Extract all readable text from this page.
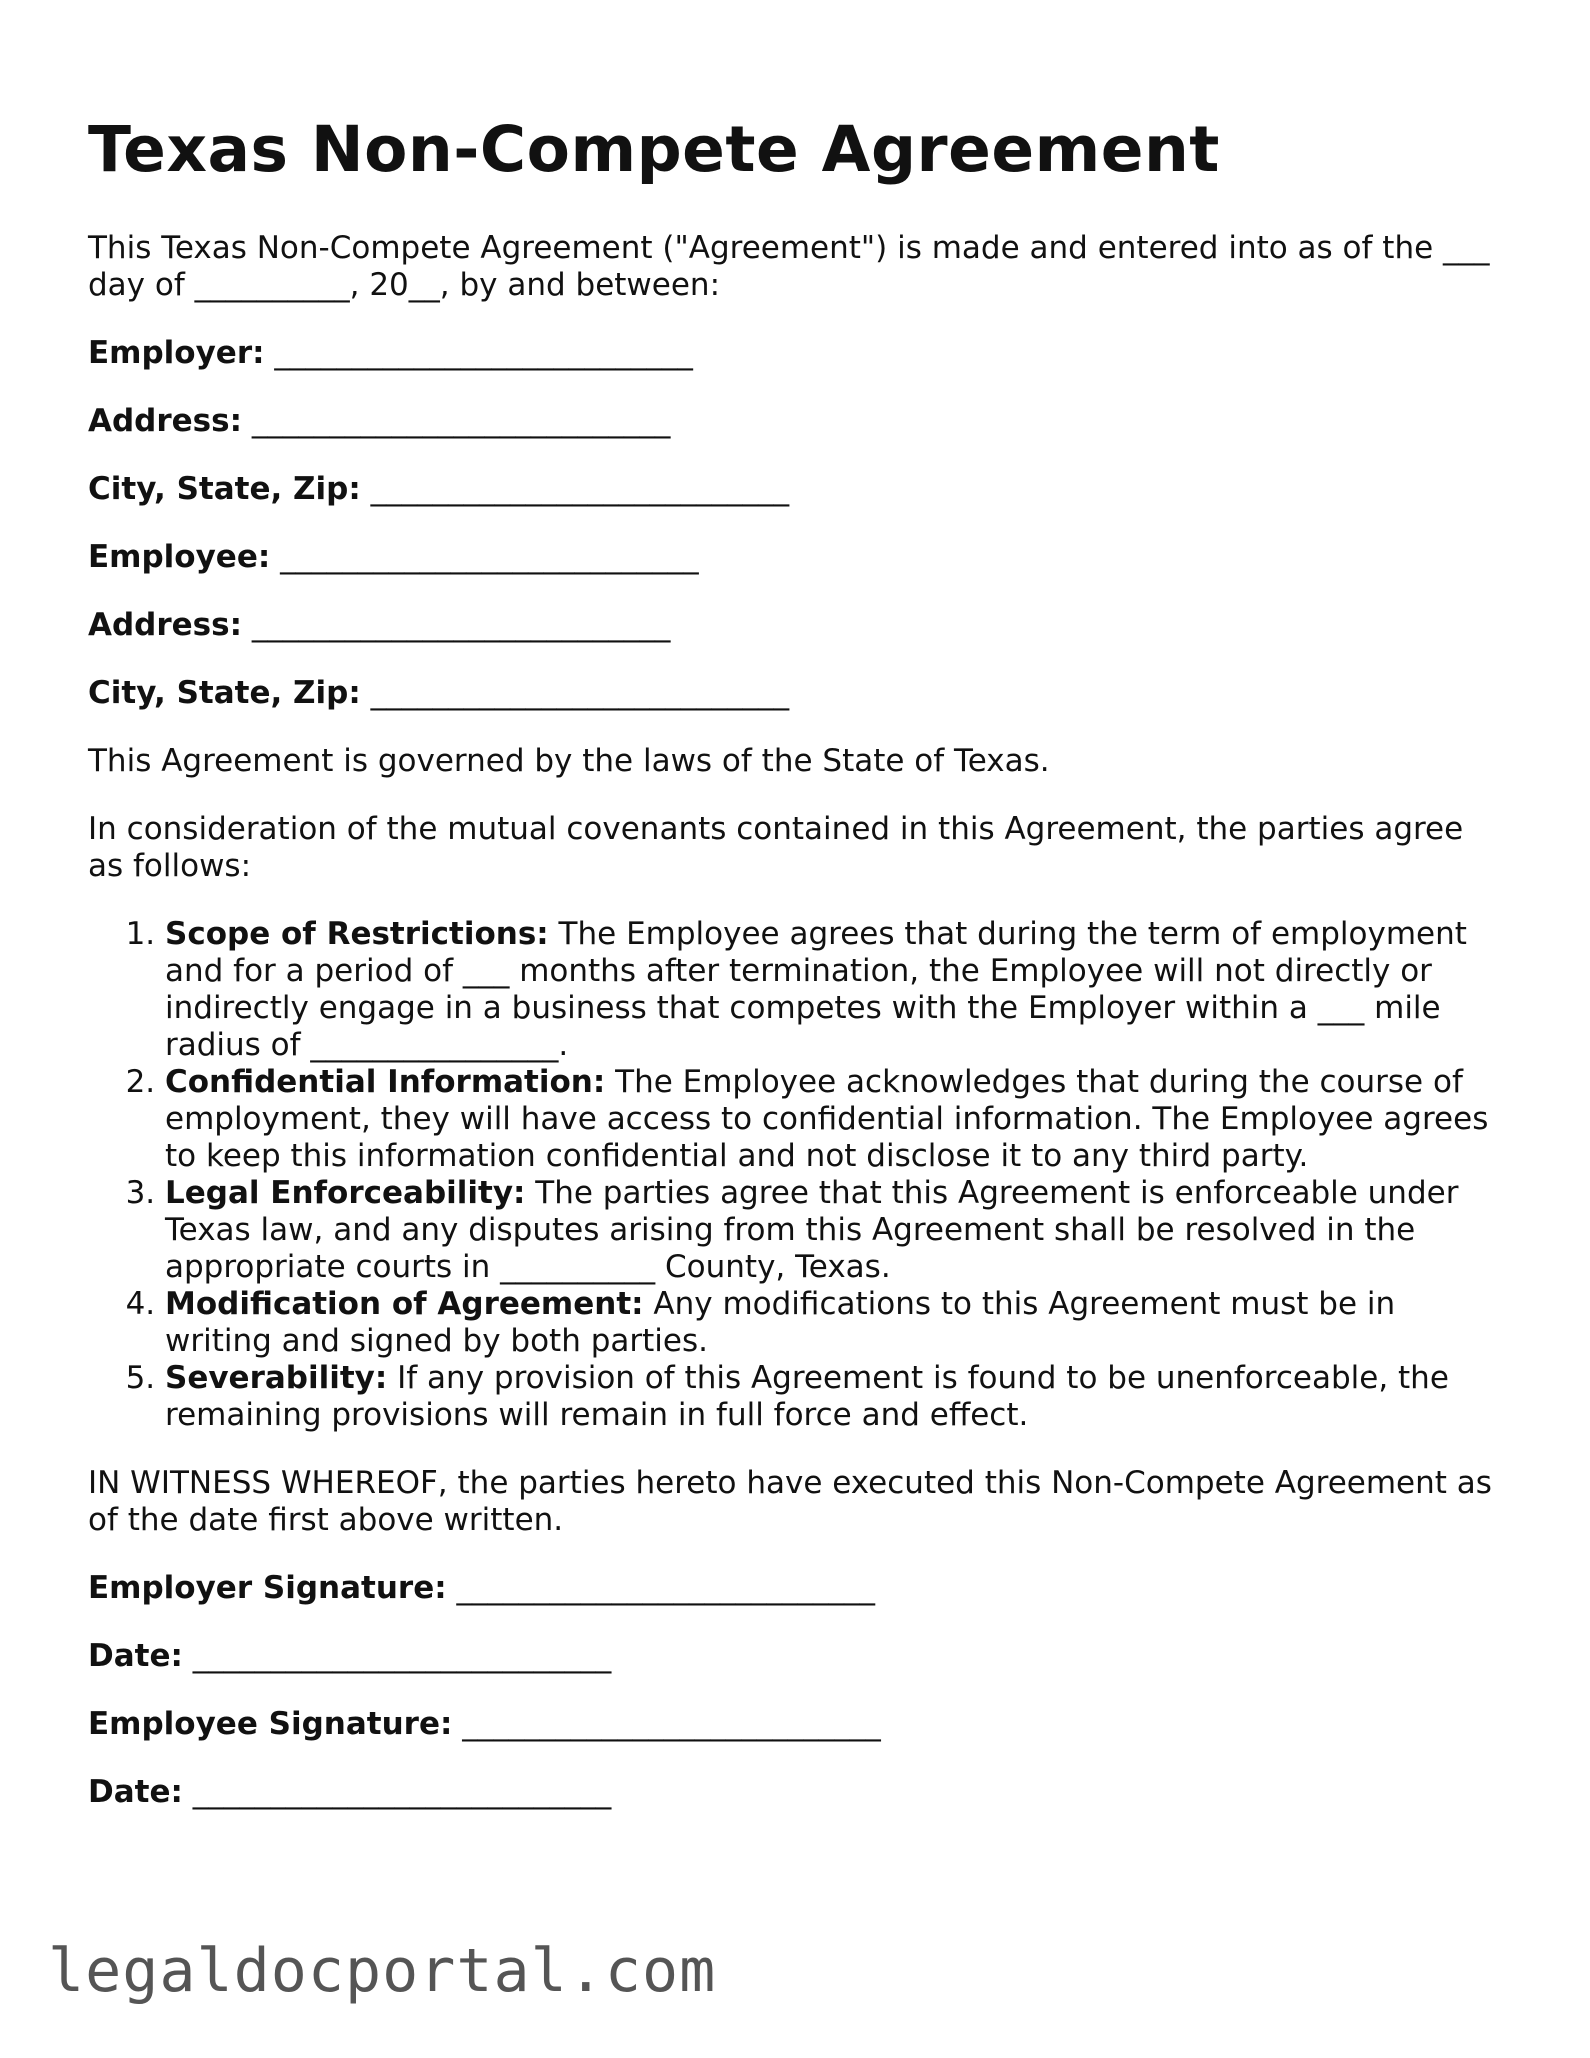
Texas Non-Compete Agreement

This Texas Non-Compete Agreement ("Agreement") is made and entered into as of the ___ day of __________, 20__, by and between:

Employer: ___________________________
Address: ___________________________
City, State, Zip: ___________________________
Employee: ___________________________
Address: ___________________________
City, State, Zip: ___________________________

This Agreement is governed by the laws of the State of Texas.

In consideration of the mutual covenants contained in this Agreement, the parties agree as follows:

1. Scope of Restrictions: The Employee agrees that during the term of employment and for a period of ___ months after termination, the Employee will not directly or indirectly engage in a business that competes with the Employer within a ___ mile radius of ________________.
2. Confidential Information: The Employee acknowledges that during the course of employment, they will have access to confidential information. The Employee agrees to keep this information confidential and not disclose it to any third party.
3. Legal Enforceability: The parties agree that this Agreement is enforceable under Texas law, and any disputes arising from this Agreement shall be resolved in the appropriate courts in __________ County, Texas.
4. Modification of Agreement: Any modifications to this Agreement must be in writing and signed by both parties.
5. Severability: If any provision of this Agreement is found to be unenforceable, the remaining provisions will remain in full force and effect.

IN WITNESS WHEREOF, the parties hereto have executed this Non-Compete Agreement as of the date first above written.

Employer Signature: ___________________________
Date: ___________________________
Employee Signature: ___________________________
Date: ___________________________
legaldocportal.com
